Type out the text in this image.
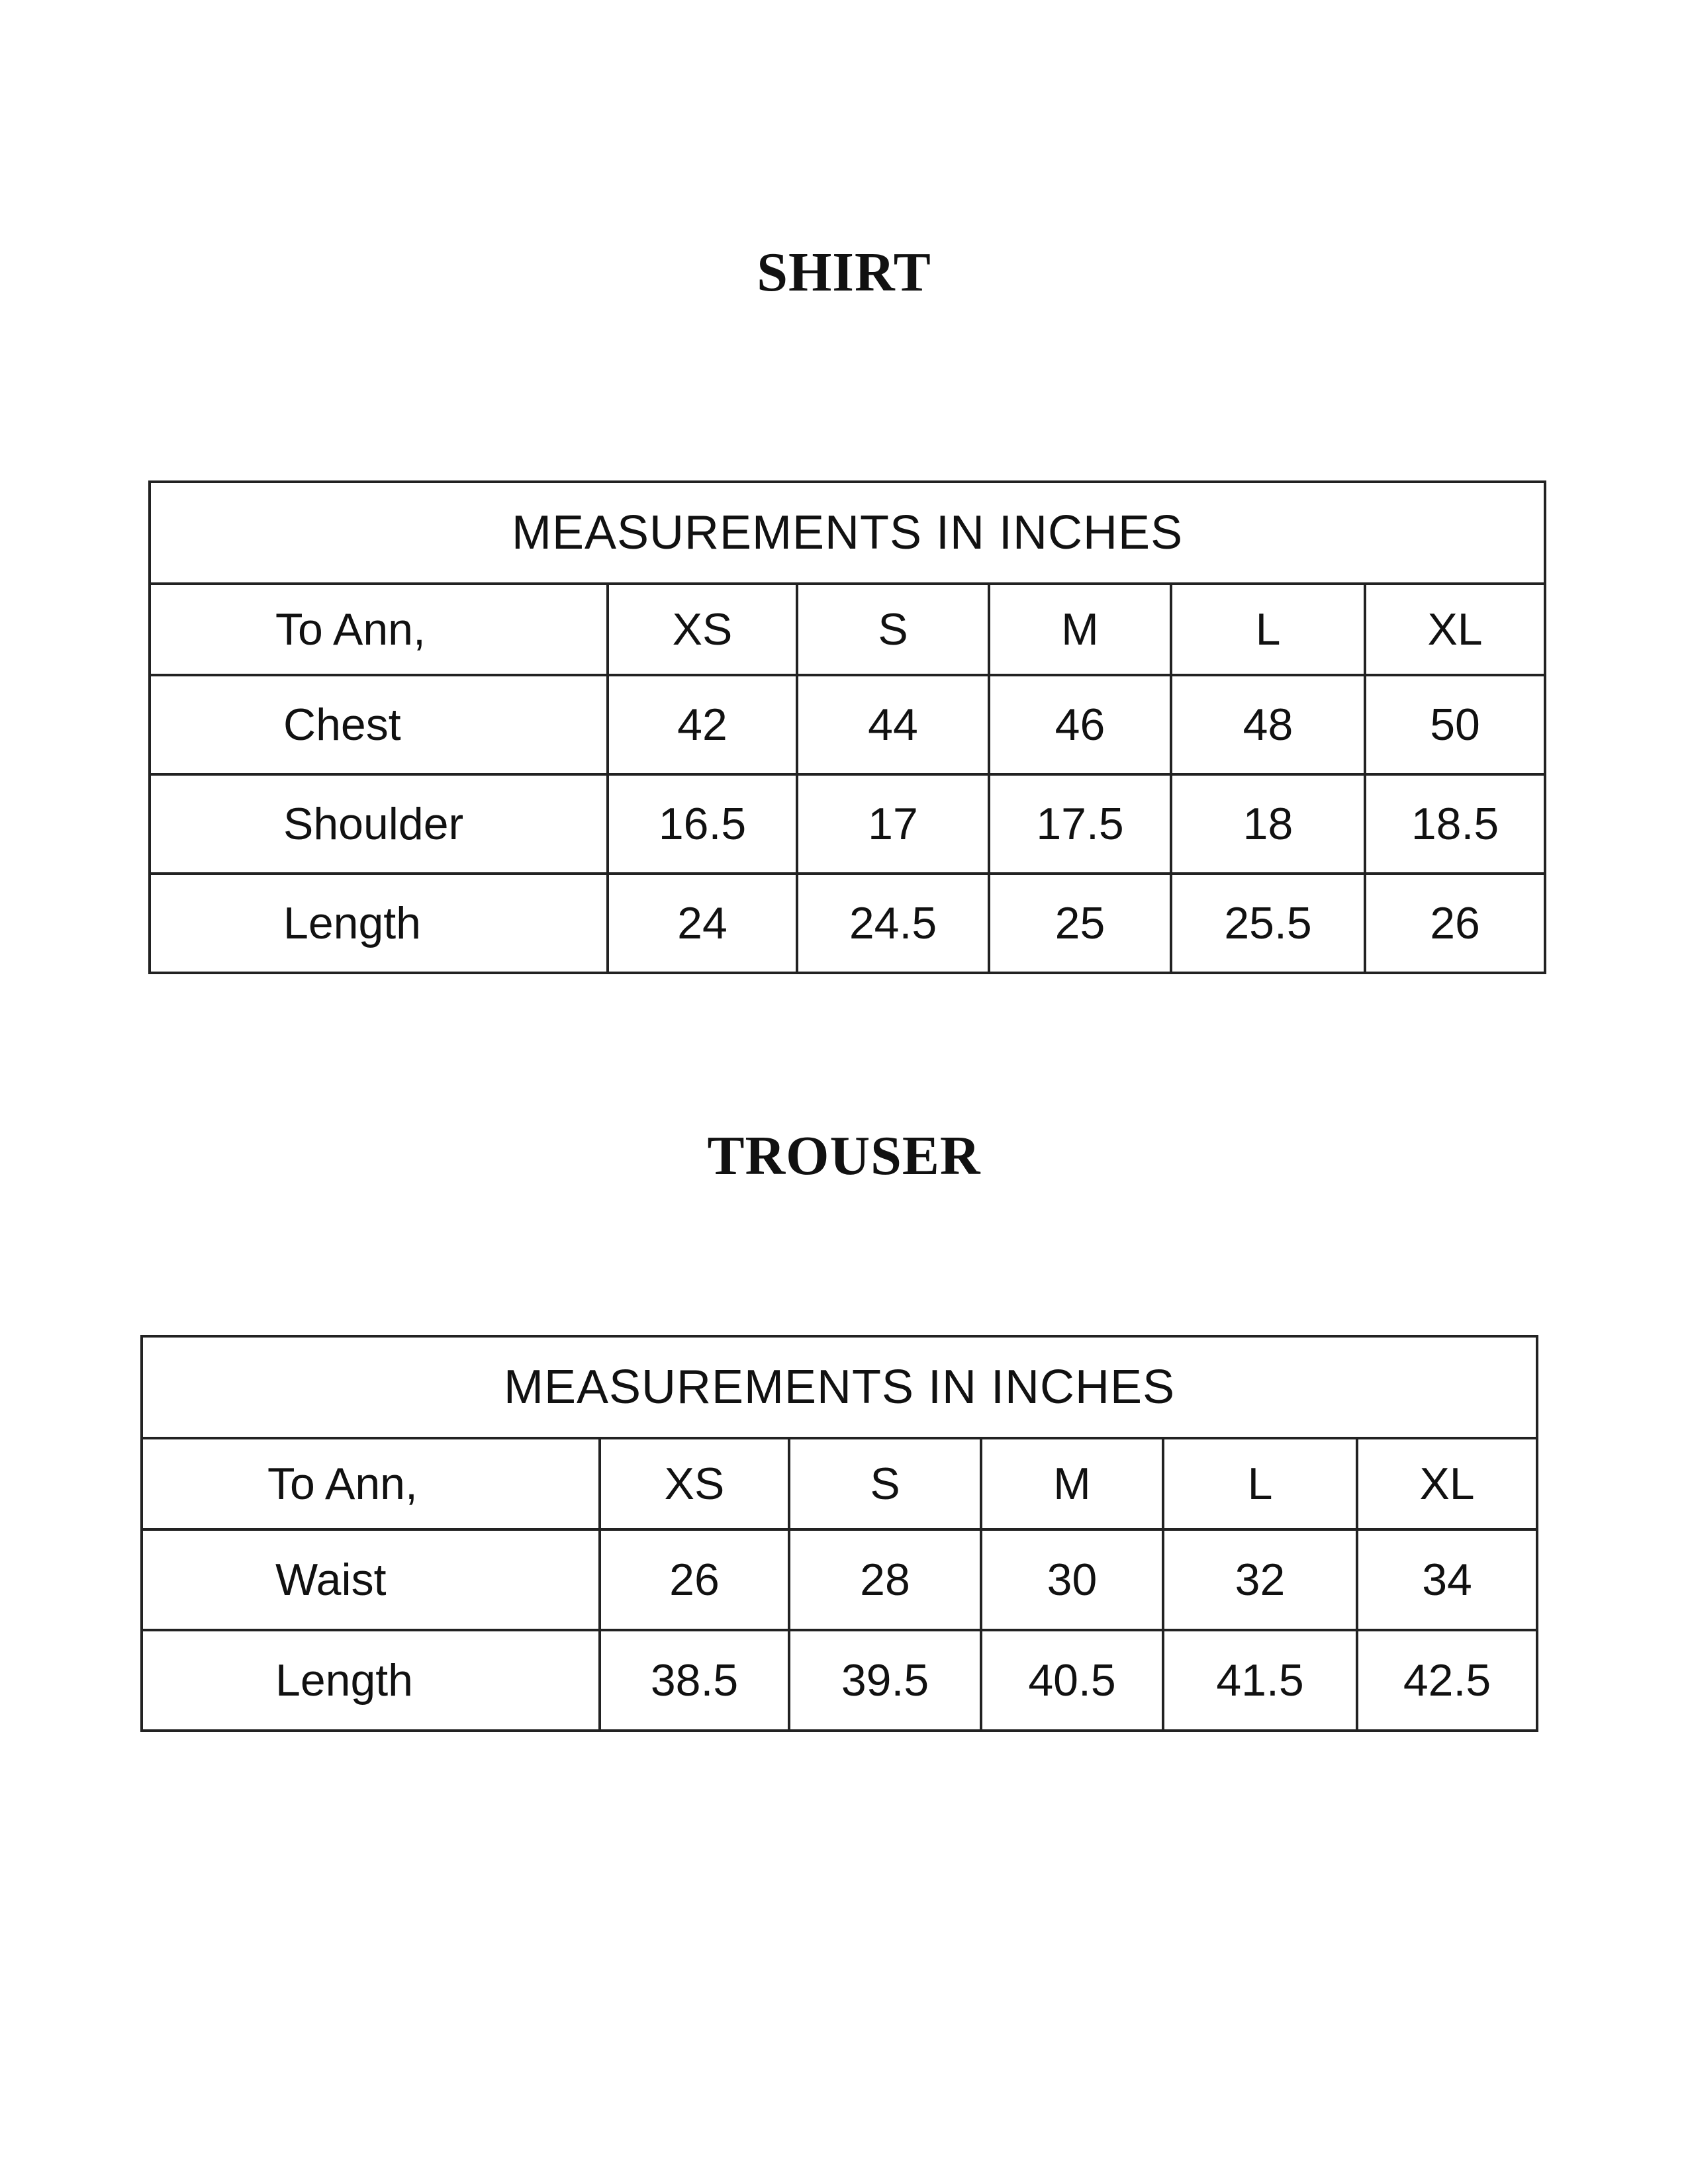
SHIRT
MEASUREMENTS IN INCHES					
To Ann,	XS	S	M	L	XL
Chest	42	44	46	48	50
Shoulder	16.5	17	17.5	18	18.5
Length	24	24.5	25	25.5	26
TROUSER
MEASUREMENTS IN INCHES					
To Ann,	XS	S	M	L	XL
Waist	26	28	30	32	34
Length	38.5	39.5	40.5	41.5	42.5
